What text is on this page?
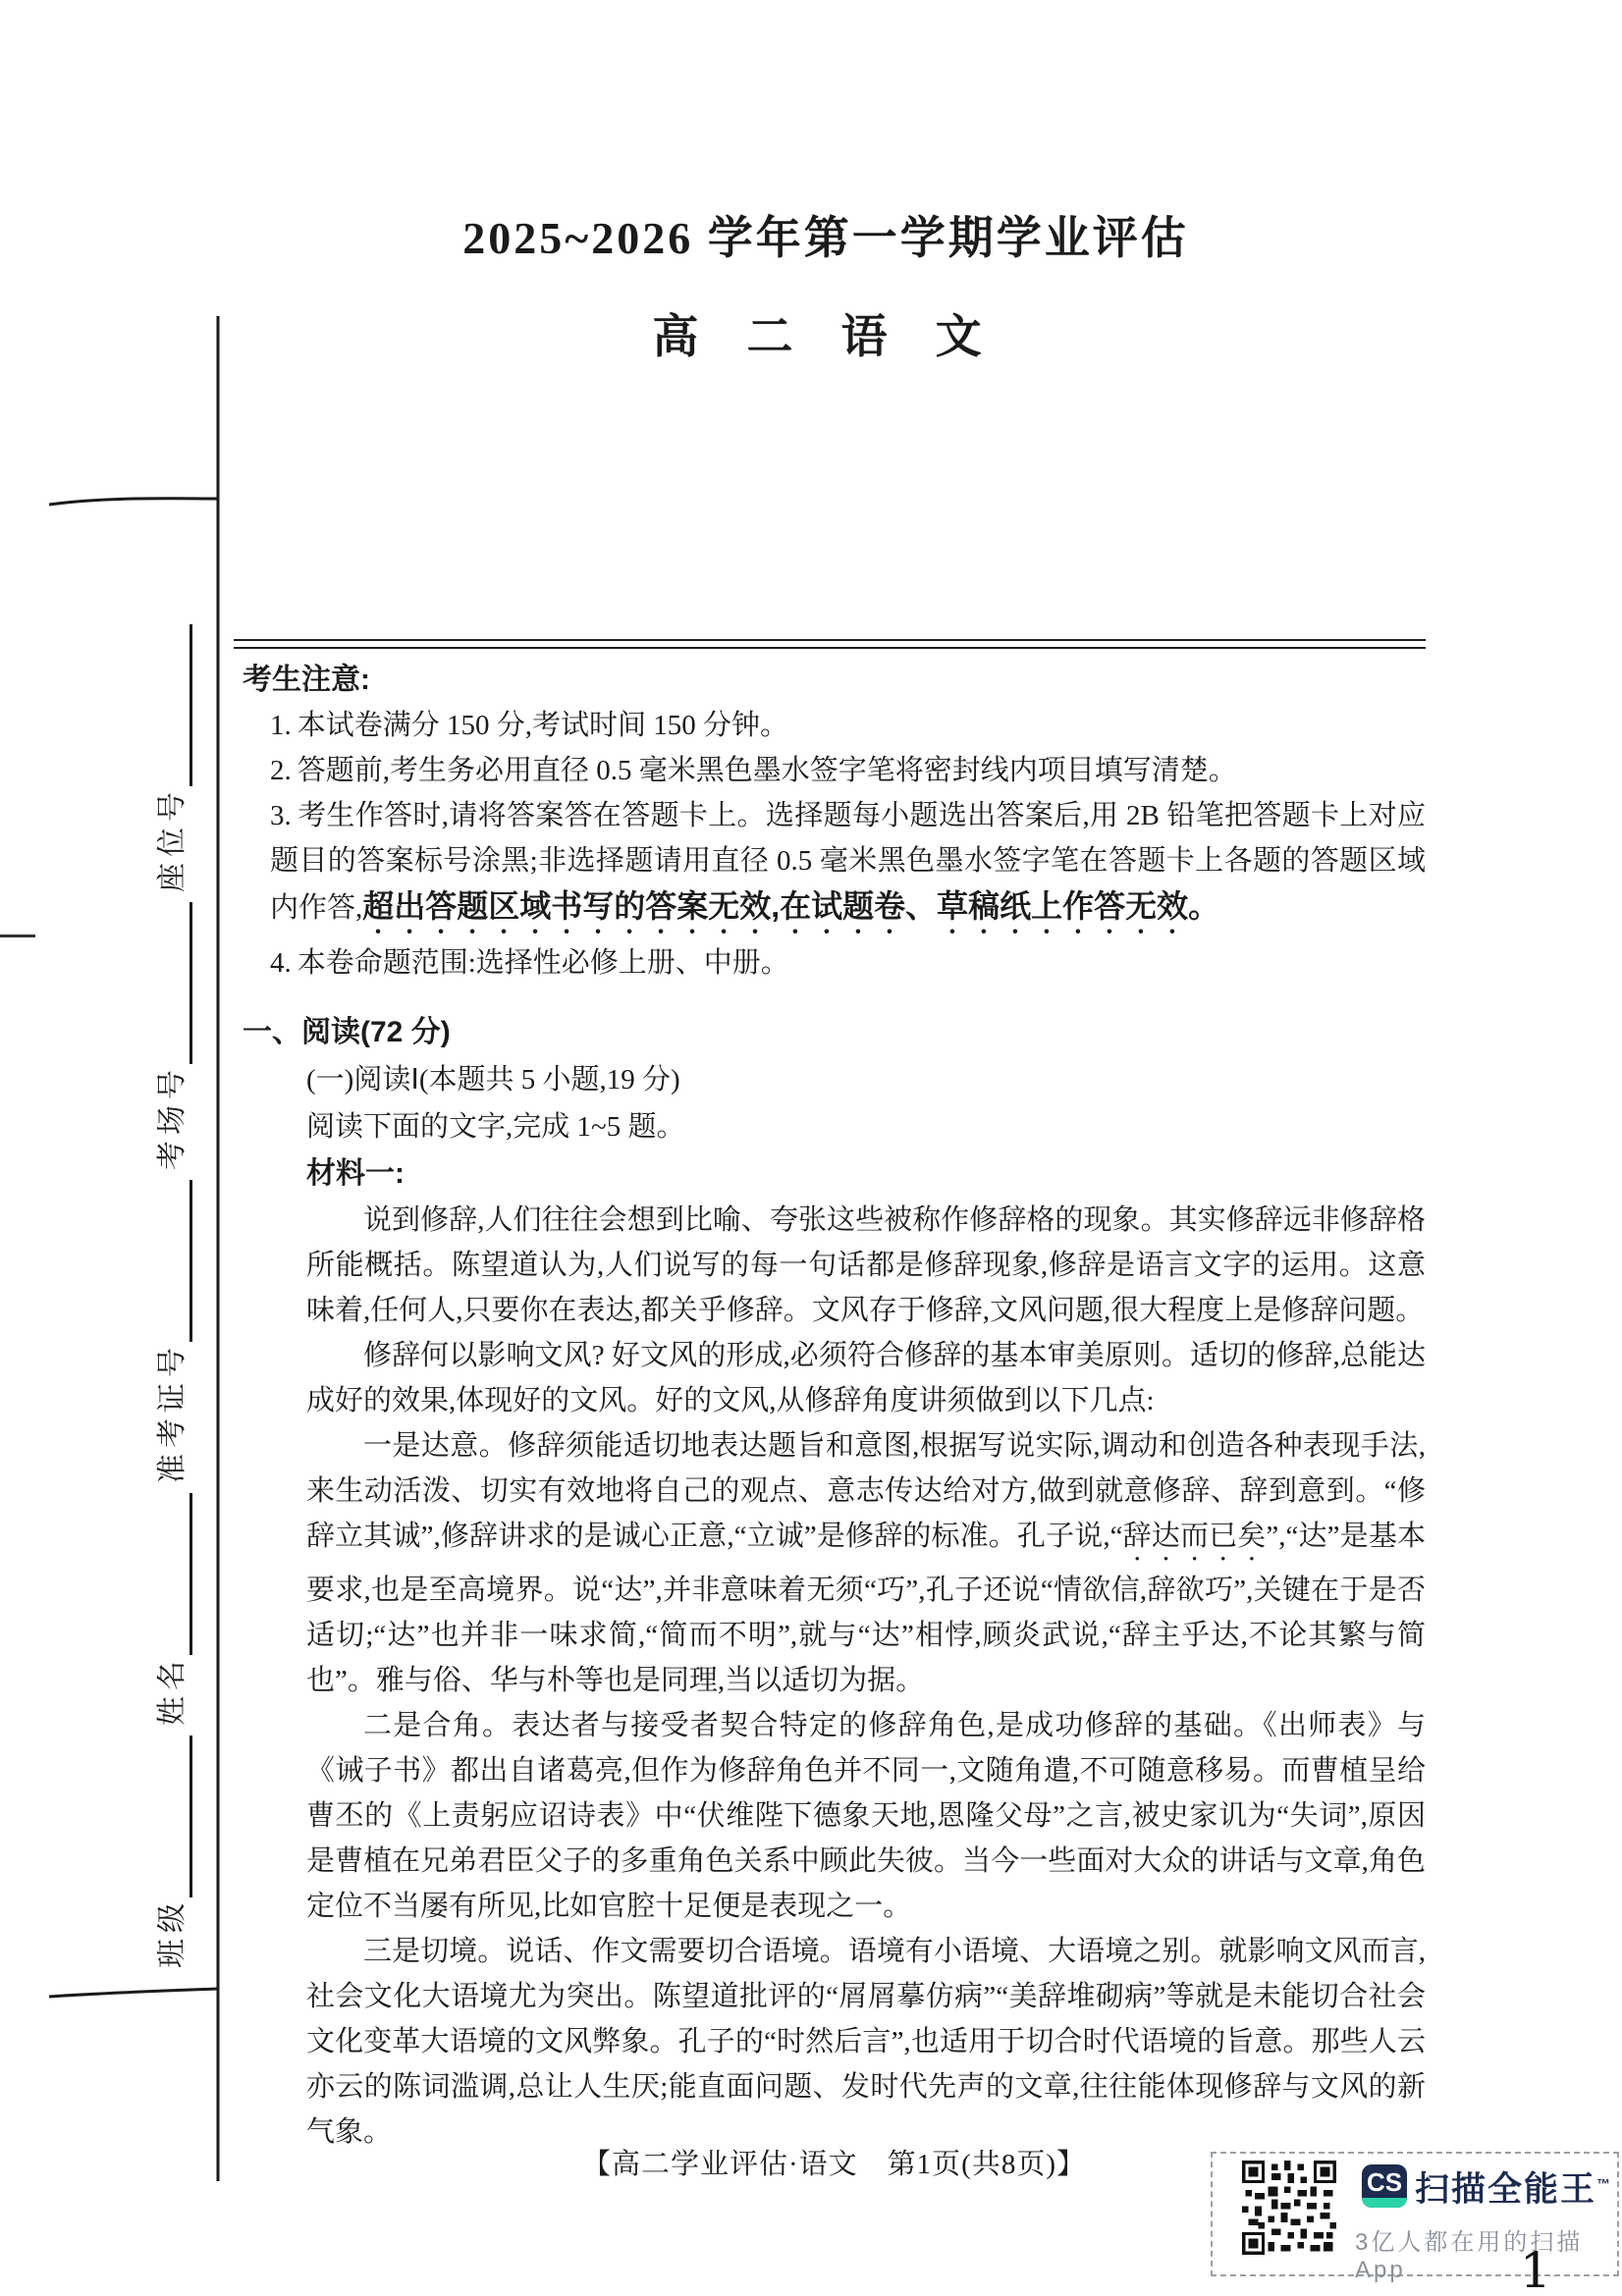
班级
姓名
准考证号
考场号
座位号
2025~2026 学年第一学期学业评估
高 二 语 文
考生注意:
1. 本试卷满分 150 分,考试时间 150 分钟。
2. 答题前,考生务必用直径 0.5 毫米黑色墨水签字笔将密封线内项目填写清楚。
3. 考生作答时,请将答案答在答题卡上。选择题每小题选出答案后,用 2B 铅笔把答题卡上对应题目的答案标号涂黑;非选择题请用直径 0.5 毫米黑色墨水签字笔在答题卡上各题的答题区域内作答,超出答题区域书写的答案无效,在试题卷、草稿纸上作答无效。
4. 本卷命题范围:选择性必修上册、中册。
一、阅读(72 分)
(一)阅读Ⅰ(本题共 5 小题,19 分)
阅读下面的文字,完成 1~5 题。
材料一:

说到修辞,人们往往会想到比喻、夸张这些被称作修辞格的现象。其实修辞远非修辞格所能概括。陈望道认为,人们说写的每一句话都是修辞现象,修辞是语言文字的运用。这意味着,任何人,只要你在表达,都关乎修辞。文风存于修辞,文风问题,很大程度上是修辞问题。

修辞何以影响文风? 好文风的形成,必须符合修辞的基本审美原则。适切的修辞,总能达成好的效果,体现好的文风。好的文风,从修辞角度讲须做到以下几点:

一是达意。修辞须能适切地表达题旨和意图,根据写说实际,调动和创造各种表现手法,来生动活泼、切实有效地将自己的观点、意志传达给对方,做到就意修辞、辞到意到。“修辞立其诚”,修辞讲求的是诚心正意,“立诚”是修辞的标准。孔子说,“辞达而已矣”,“达”是基本要求,也是至高境界。说“达”,并非意味着无须“巧”,孔子还说“情欲信,辞欲巧”,关键在于是否适切;“达”也并非一味求简,“简而不明”,就与“达”相悖,顾炎武说,“辞主乎达,不论其繁与简也”。雅与俗、华与朴等也是同理,当以适切为据。

二是合角。表达者与接受者契合特定的修辞角色,是成功修辞的基础。《出师表》与《诫子书》都出自诸葛亮,但作为修辞角色并不同一,文随角遣,不可随意移易。而曹植呈给曹丕的《上责躬应诏诗表》中“伏维陛下德象天地,恩隆父母”之言,被史家讥为“失词”,原因是曹植在兄弟君臣父子的多重角色关系中顾此失彼。当今一些面对大众的讲话与文章,角色定位不当屡有所见,比如官腔十足便是表现之一。

三是切境。说话、作文需要切合语境。语境有小语境、大语境之别。就影响文风而言,社会文化大语境尤为突出。陈望道批评的“屑屑摹仿病”“美辞堆砌病”等就是未能切合社会文化变革大语境的文风弊象。孔子的“时然后言”,也适用于切合时代语境的旨意。那些人云亦云的陈词滥调,总让人生厌;能直面问题、发时代先声的文章,往往能体现修辞与文风的新气象。

【高二学业评估·语文　第1页(共8页)】
CS 扫描全能王™
3亿人都在用的扫描App	1
